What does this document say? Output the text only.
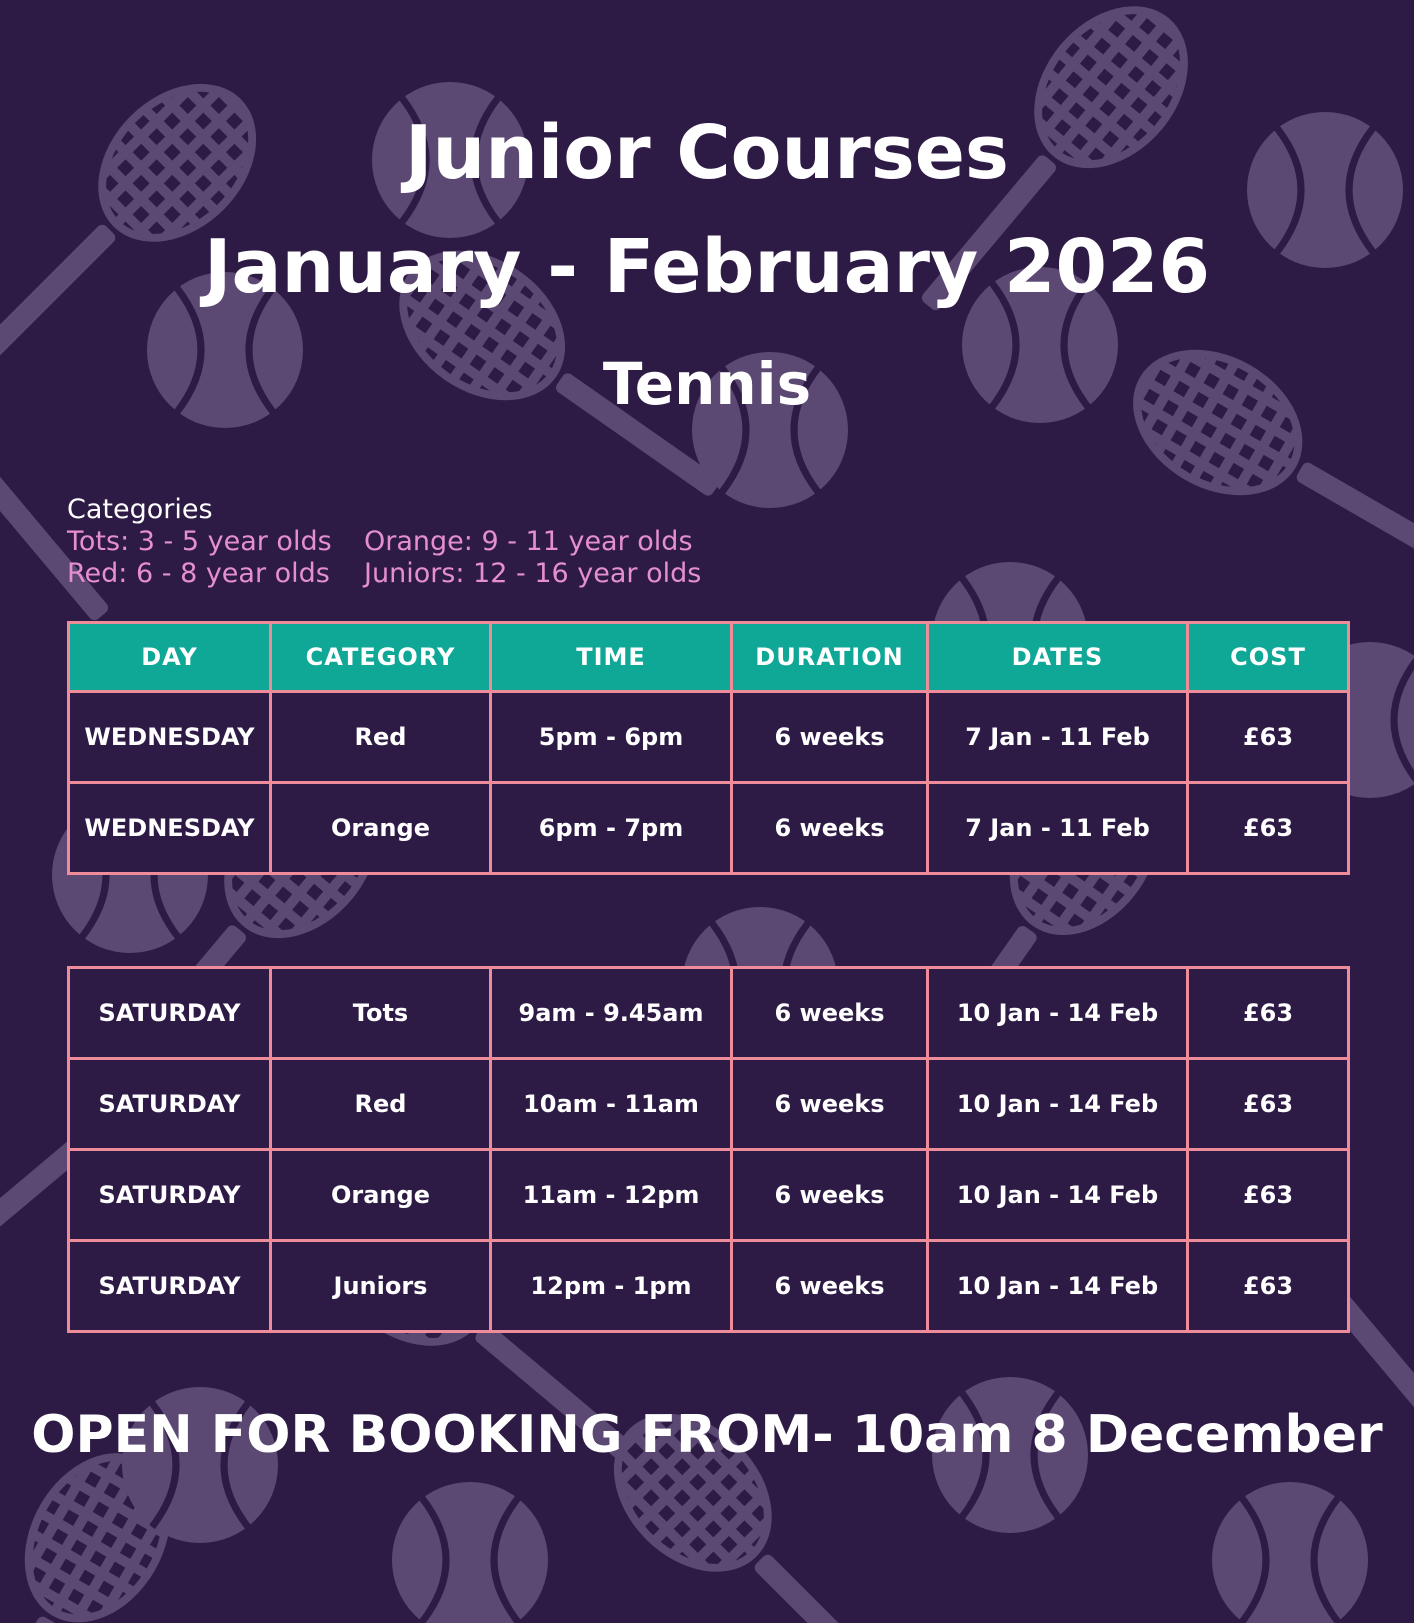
Junior Courses
January - February 2026
Tennis
Categories
Tots: 3 - 5 year olds
Red: 6 - 8 year olds
Orange: 9 - 11 year olds
Juniors: 12 - 16 year olds
DAY	CATEGORY	TIME	DURATION	DATES	COST
WEDNESDAY	Red	5pm - 6pm	6 weeks	7 Jan - 11 Feb	£63
WEDNESDAY	Orange	6pm - 7pm	6 weeks	7 Jan - 11 Feb	£63
SATURDAY	Tots	9am - 9.45am	6 weeks	10 Jan - 14 Feb	£63
SATURDAY	Red	10am - 11am	6 weeks	10 Jan - 14 Feb	£63
SATURDAY	Orange	11am - 12pm	6 weeks	10 Jan - 14 Feb	£63
SATURDAY	Juniors	12pm - 1pm	6 weeks	10 Jan - 14 Feb	£63
OPEN FOR BOOKING FROM- 10am 8 December
